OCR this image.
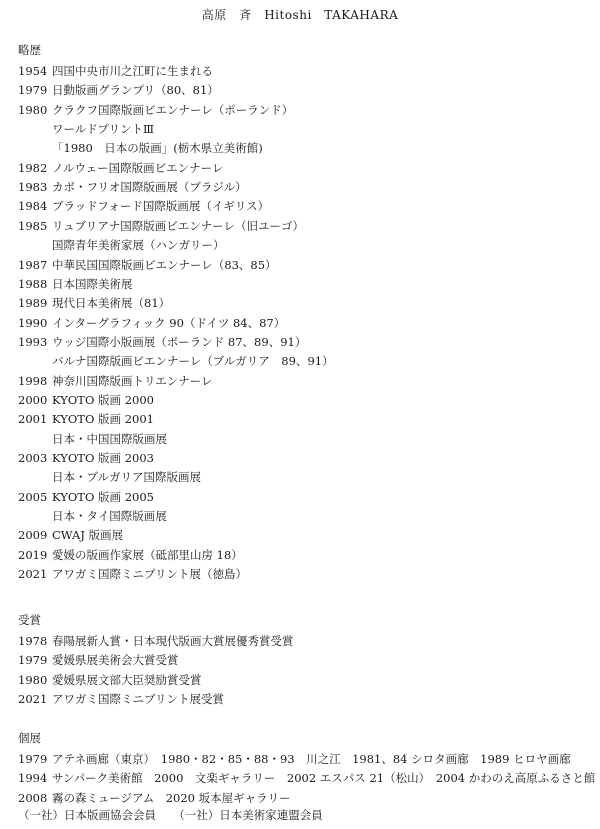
高原　斉　Hitoshi　TAKAHARA
略歴
1954 四国中央市川之江町に生まれる
1979 日動版画グランプリ（80、81）
1980 クラクフ国際版画ビエンナーレ（ポーランド）
ワールドプリントⅢ
「1980　日本の版画」(栃木県立美術館)
1982 ノルウェー国際版画ビエンナーレ
1983 カボ・フリオ国際版画展（ブラジル）
1984 ブラッドフォード国際版画展（イギリス）
1985 リュブリアナ国際版画ビエンナーレ（旧ユーゴ）
国際青年美術家展（ハンガリー）
1987 中華民国国際版画ビエンナーレ（83、85）
1988 日本国際美術展
1989 現代日本美術展（81）
1990 インターグラフィック 90（ドイツ 84、87）
1993 ウッジ国際小版画展（ポーランド 87、89、91）
バルナ国際版画ビエンナーレ（ブルガリア　89、91）
1998 神奈川国際版画トリエンナーレ
2000 KYOTO 版画 2000
2001 KYOTO 版画 2001
日本・中国国際版画展
2003 KYOTO 版画 2003
日本・ブルガリア国際版画展
2005 KYOTO 版画 2005
日本・タイ国際版画展
2009 CWAJ 版画展
2019 愛媛の版画作家展（砥部里山房 18）
2021 アワガミ国際ミニプリント展（徳島）
受賞
1978 春陽展新人賞・日本現代版画大賞展優秀賞受賞
1979 愛媛県展美術会大賞受賞
1980 愛媛県展文部大臣奨励賞受賞
2021 アワガミ国際ミニプリント展受賞
個展
1979 アテネ画廊（東京）　1980・82・85・88・93　川之江　1981、84 シロタ画廊　1989 ヒロヤ画廊
1994 サンパーク美術館　2000　文楽ギャラリー　2002 エスパス 21（松山）　2004 かわのえ高原ふるさと館
2008 霧の森ミュージアム　2020 坂本屋ギャラリー
（一社）日本版画協会会員　　（一社）日本美術家連盟会員
